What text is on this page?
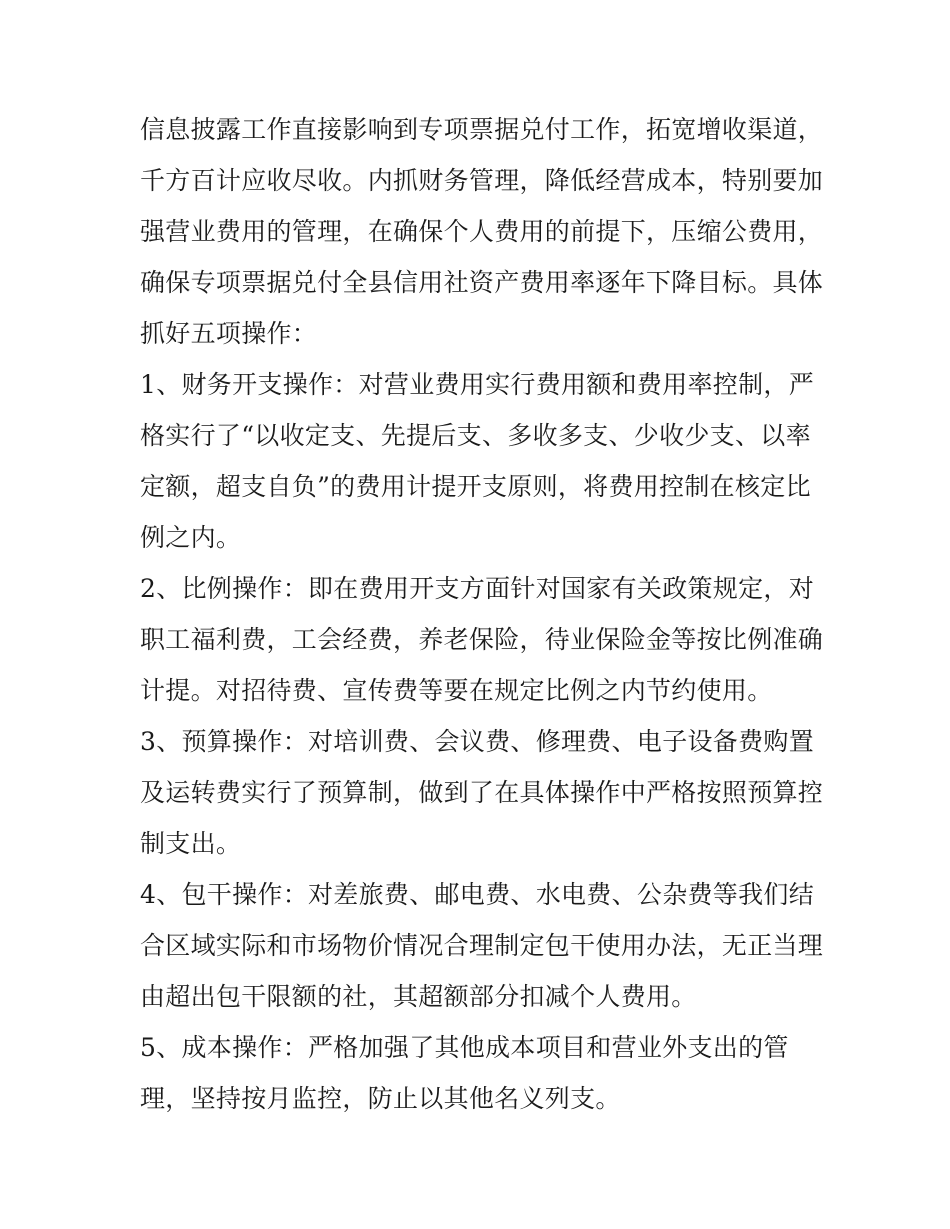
信息披露工作直接影响到专项票据兑付工作，拓宽增收渠道，
千方百计应收尽收。内抓财务管理，降低经营成本，特别要加
强营业费用的管理，在确保个人费用的前提下，压缩公费用，
确保专项票据兑付全县信用社资产费用率逐年下降目标。具体
抓好五项操作：
1、财务开支操作：对营业费用实行费用额和费用率控制，严
格实行了“以收定支、先提后支、多收多支、少收少支、以率
定额，超支自负”的费用计提开支原则，将费用控制在核定比
例之内。
2、比例操作：即在费用开支方面针对国家有关政策规定，对
职工福利费，工会经费，养老保险，待业保险金等按比例准确
计提。对招待费、宣传费等要在规定比例之内节约使用。
3、预算操作：对培训费、会议费、修理费、电子设备费购置
及运转费实行了预算制，做到了在具体操作中严格按照预算控
制支出。
4、包干操作：对差旅费、邮电费、水电费、公杂费等我们结
合区域实际和市场物价情况合理制定包干使用办法，无正当理
由超出包干限额的社，其超额部分扣减个人费用。
5、成本操作：严格加强了其他成本项目和营业外支出的管
理，坚持按月监控，防止以其他名义列支。
